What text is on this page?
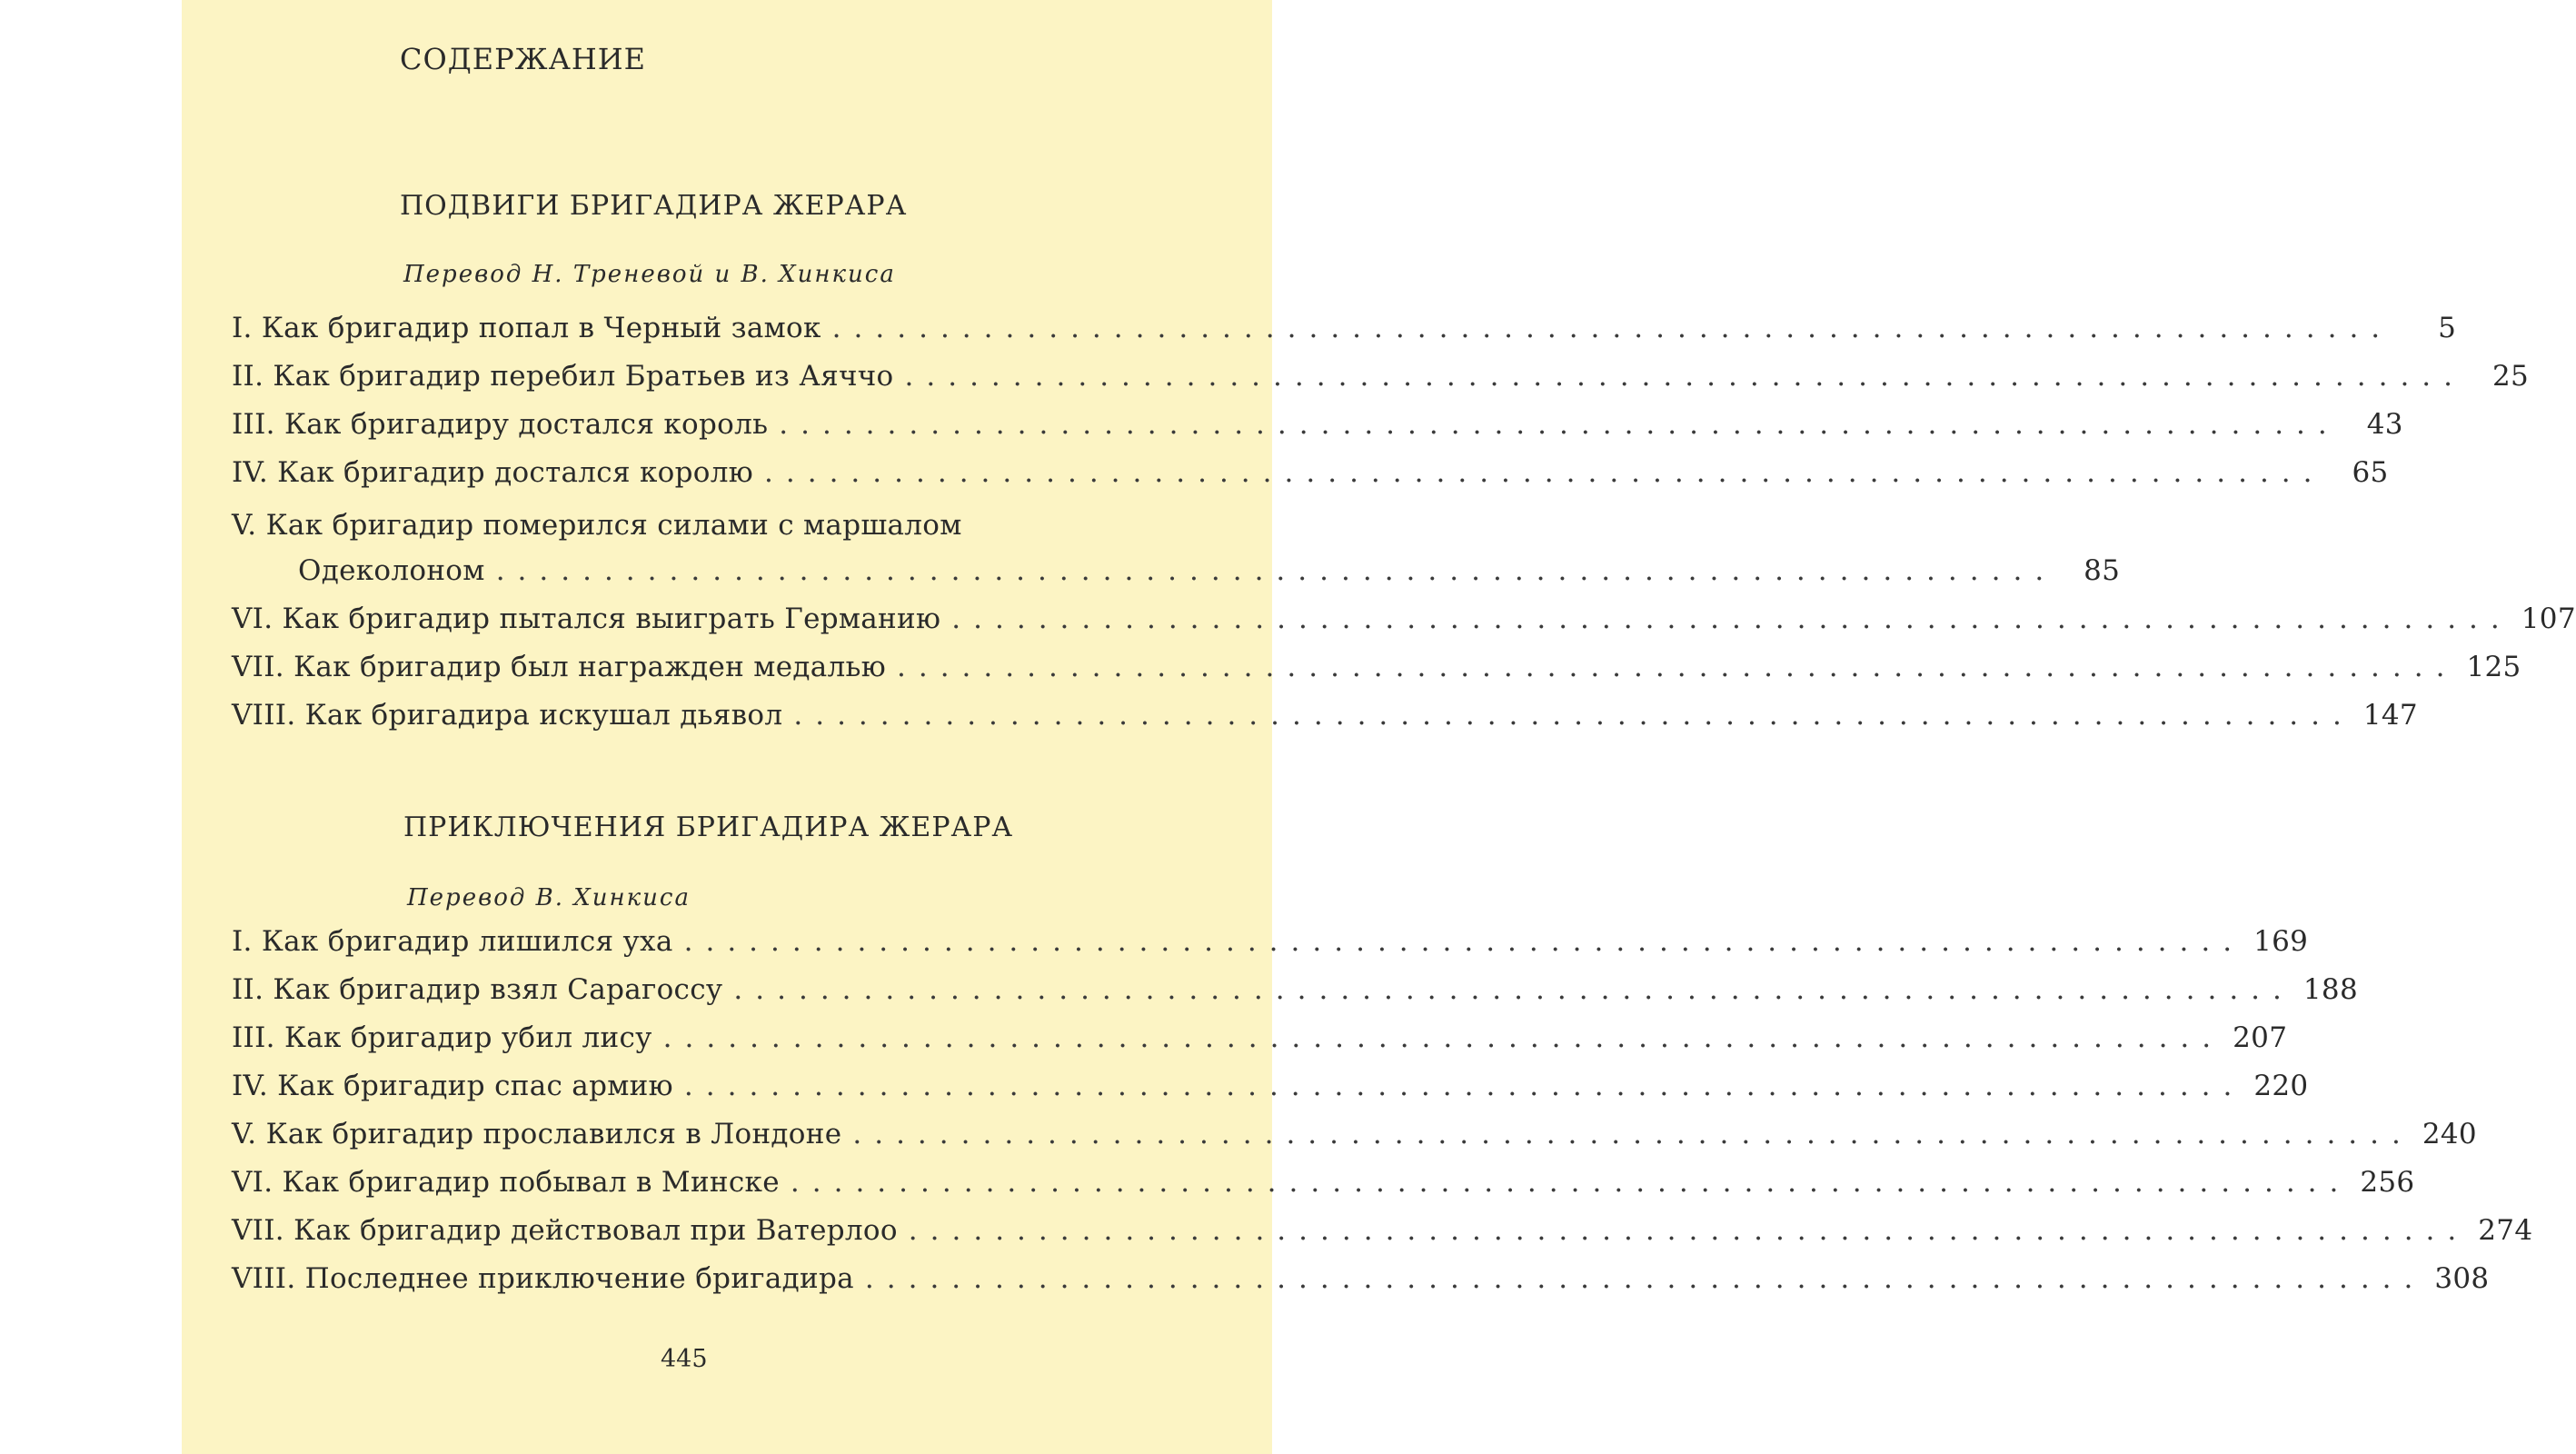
СОДЕРЖАНИЕ
ПОДВИГИ БРИГАДИРА ЖЕРАРА
Перевод Н. Треневой и В. Хинкиса
I. Как бригадир попал в Черный замок ........................................................................	5
II. Как бригадир перебил Братьев из Аяччо ........................................................................ 25
III. Как бригадиру достался король ........................................................................ 43
IV. Как бригадир достался королю ........................................................................ 65
V. Как бригадир померился силами с маршалом
Одеколоном ........................................................................ 85
VI. Как бригадир пытался выиграть Германию ........................................................................ 107
VII. Как бригадир был награжден медалью ........................................................................ 125
VIII. Как бригадира искушал дьявол ........................................................................ 147
ПРИКЛЮЧЕНИЯ БРИГАДИРА ЖЕРАРА
Перевод В. Хинкиса
I. Как бригадир лишился уха ........................................................................ 169
II. Как бригадир взял Сарагоссу ........................................................................ 188
III. Как бригадир убил лису ........................................................................ 207
IV. Как бригадир спас армию ........................................................................ 220
V. Как бригадир прославился в Лондоне ........................................................................ 240
VI. Как бригадир побывал в Минске ........................................................................ 256
VII. Как бригадир действовал при Ватерлоо ........................................................................ 274
VIII. Последнее приключение бригадира ........................................................................ 308
445
